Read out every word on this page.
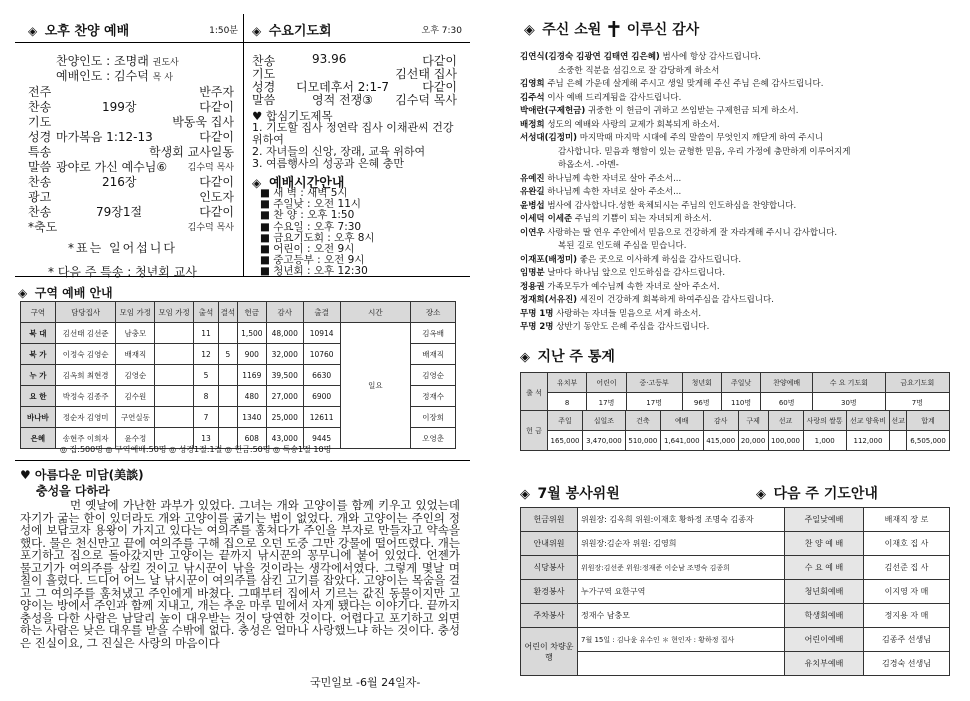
◈ 오후 찬양 예배	1:50분
찬양인도 : 조명래 권도사
예배인도 : 김수덕 목 사
전주	반주자
찬송	199장	다같이
기도	박동욱 집사
성경 마가복음 1:12-13	다같이
특송	학생회 교사일동
말씀 광야로 가신 예수님⑥ 김수덕 목사
찬송	216장	다같이
광고	인도자
찬송	79장1절	다같이
*축도	김수덕 목사
*표는 일어섭니다
* 다음 주 특송 : 청년회 교사
◈ 수요기도회	오후 7:30
찬송	93.96	다같이
기도	김선태 집사
성경 디모데후서 2:1-7	다같이
말씀	영적 전쟁③ 김수덕 목사
♥ 합심기도제목
1. 기도할 집사 정연락 집사 이채관씨 건강위하여
2. 자녀들의 신앙, 장래, 교육 위하여
3. 여름행사의 성공과 은혜 충만
◈ 예배시간안내
■ 새 벽 : 새벽 5시
■ 주일낮 : 오전 11시
■ 찬 양 : 오후 1:50
■ 수요일 : 오후 7:30
■ 금요기도회 : 오후 8시
■ 어린이 : 오전 9시
■ 중고등부 : 오전 9시
■ 청년회 : 오후 12:30
◈ 구역 예배 안내
구역	담당집사	모임 가정	모임 가정	출석	결석	헌금	감사	출결	시간	장소
북 대	김선태 김선준	남충모		11		1,500	48,000	10914	일요	김옥배
북 가	이정숙 김영순	배재직		12	5	900	32,000	10760		배재직
누 가	김옥희 최현경	김영순		5		1169	39,500	6630		김영순
요 한	박정숙 김종주	김수원		8		480	27,000	6900		정재수
바나바	정순자 김영미	구연실동		7		1340	25,000	12611		이장희
은혜	송현주 이희자	윤수정		13		608	43,000	9445		오영춘
◎ 집:500명 ◎ 구역예배:50명 ◎ 성경1절:1절 ◎ 헌금:50명 ◎ 특송1절 10명
♥ 아름다운 미담(美談)
충성을 다하라
먼 옛날에 가난한 과부가 있었다. 그녀는 개와 고양이를 함께 키우고 있었는데 자기가 굶는 한이 있더라도 개와 고양이를 굶기는 법이 없었다. 개와 고양이는 주인의 정성에 보답코자 용왕이 가지고 있다는 여의주를 훔쳐다가 주인을 부자로 만들자고 약속을 했다. 물은 천신만고 끝에 여의주를 구해 집으로 오던 도중 그만 강물에 떨어뜨렸다. 개는 포기하고 집으로 돌아갔지만 고양이는 끝까지 낚시꾼의 꽁무니에 붙어 있었다. 언젠가 물고기가 여의주를 삼킬 것이고 낚시꾼이 낚을 것이라는 생각에서였다. 그렇게 몇날 며칠이 흘렀다. 드디어 어느 날 낚시꾼이 여의주를 삼킨 고기를 잡았다. 고양이는 목숨을 걸고 그 여의주를 훔쳐냈고 주인에게 바쳤다. 그때부터 집에서 기르는 값진 동물이지만 고양이는 방에서 주인과 함께 지내고, 개는 추운 마루 밑에서 자게 됐다는 이야기다. 끝까지 충성을 다한 사람은 남달리 높이 대우받는 것이 당연한 것이다. 어렵다고 포기하고 외면하는 사람은 낮은 대우를 받을 수밖에 없다. 충성은 얼마나 사랑했느냐 하는 것이다. 충성은 진실이요, 그 진실은 사랑의 마음이다
국민일보 -6월 24일자-
◈ 주신 소원 ✝ 이루신 감사

김연식(김경숙 김광연 김태연 김은혜) 범사에 항상 감사드립니다.

소중한 직분을 섬김으로 잘 감당하게 하소서

김영희 주님 은혜 가운데 살게해 주시고 생일 맞게해 주신 주님 은혜 감사드립니다.

김주석 이사 예배 드리게됨을 감사드립니다.

박애란(구제헌금) 귀중한 이 헌금이 귀하고 쓰임받는 구제헌금 되게 하소서.

배정희 성도의 예배와 사랑의 교제가 회복되게 하소서.

서성대(김정미) 마지막때 마지막 시대에 주의 말씀이 무엇인지 깨닫게 하여 주시니

감사합니다. 믿음과 행함이 있는 균형한 믿음, 우리 가정에 충만하게 이루어지게

하옵소서. -아멘-

유예진 하나님께 속한 자녀로 살아 주소서...

유완길 하나님께 속한 자녀로 살아 주소서...

윤병섭 범사에 감사합니다.성한 육체되시는 주님의 인도하심을 찬양합니다.

이세덕 이세준 주님의 기쁨이 되는 자녀되게 하소서.

이연우 사랑하는 딸 연우 주안에서 믿음으로 건강하게 잘 자라게해 주시니 감사합니다.

복된 길로 인도해 주심을 믿습니다.

이재포(배정미) 좋은 곳으로 이사하게 하심을 감사드립니다.

임명분 날마다 하나님 앞으로 인도하심을 감사드립니다.

정용권 가족모두가 예수님께 속한 자녀로 살아 주소서.

정재희(서유진) 세진이 건강하게 회복하게 하여주심을 감사드립니다.

무명 1명 사랑하는 자녀들 믿음으로 서게 하소서.

무명 2명 상반기 동안도 은혜 주심을 감사드립니다.

◈ 지난 주 통계
출 석	유치부	어린이	중·고등부	청년회	주일낮	찬양예배	수 요 기도회	금요기도회
	8	17명	17명	96명	110명	60명	30명	7명
헌 금	주일	십일조	건축	예배	감사	구제	선교	사랑의 쌀통	선교 양육비	선교	합계
	165,000	3,470,000	510,000	1,641,000	415,000	20,000	100,000	1,000	112,000		6,505,000
◈ 7월 봉사위원	◈ 다음 주 기도안내
헌금위원	위원장: 김옥희 위원:이재호 황하정 조명숙 김종자	주일낮예배	배재직 장 로
안내위원	위원장:김순자 위원: 김영희	찬 양 예 배	이재호 집 사
식당봉사	위원장:김선준 위원:정재준 이순남 조명숙 김종희	수 요 예 배	김선준 집 사
환경봉사	누가구역 요한구역	청년회예배	이지영 자 매
주차봉사	정재수 남충모	학생회예배	정지용 자 매
어린이 차량운행	7월 15일 : 김나윤 유수인 ＊ 현인자 : 황하정 집사	어린이예배	김종주 선생님
		유치부예배	김경숙 선생님
